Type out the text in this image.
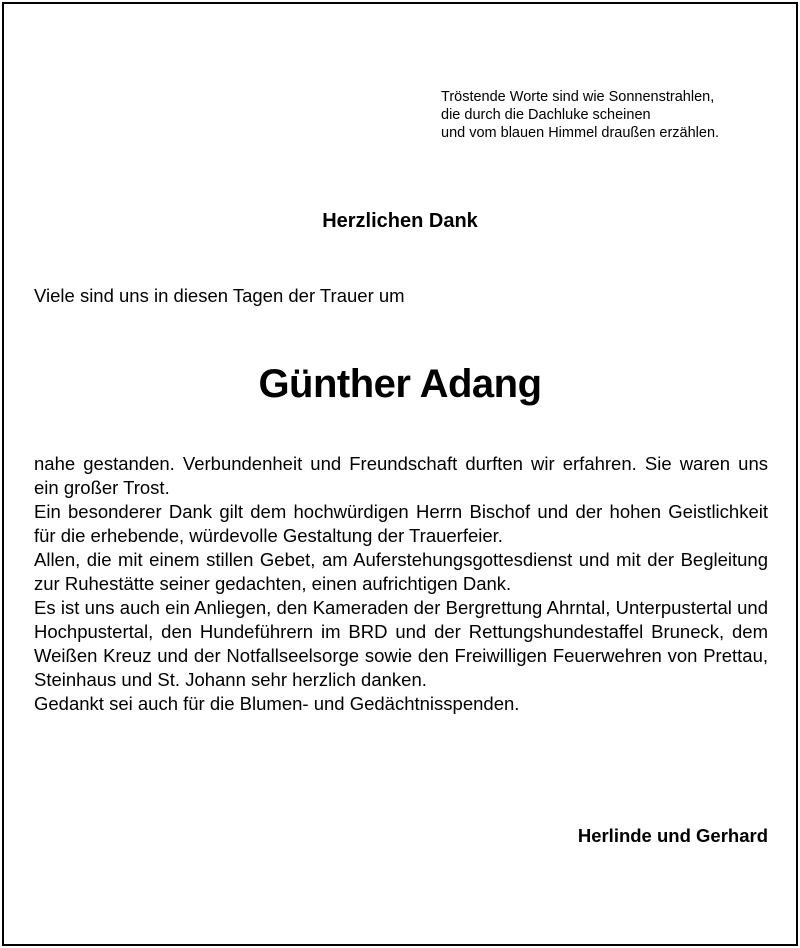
Tröstende Worte sind wie Sonnenstrahlen,
die durch die Dachluke scheinen
und vom blauen Himmel draußen erzählen.
Herzlichen Dank
Viele sind uns in diesen Tagen der Trauer um
Günther Adang

nahe gestanden. Verbundenheit und Freundschaft durften wir erfahren. Sie waren uns ein großer Trost.

Ein besonderer Dank gilt dem hochwürdigen Herrn Bischof und der hohen Geistlichkeit für die erhebende, würdevolle Gestaltung der Trauerfeier.

Allen, die mit einem stillen Gebet, am Auferstehungsgottesdienst und mit der Begleitung zur Ruhestätte seiner gedachten, einen aufrichtigen Dank.

Es ist uns auch ein Anliegen, den Kameraden der Bergrettung Ahrntal, Unterpustertal und Hochpustertal, den Hundeführern im BRD und der Rettungshundestaffel Bruneck, dem Weißen Kreuz und der Notfallseelsorge sowie den Freiwilligen Feuerwehren von Prettau, Steinhaus und St. Johann sehr herzlich danken.

Gedankt sei auch für die Blumen- und Gedächtnisspenden.

Herlinde und Gerhard
